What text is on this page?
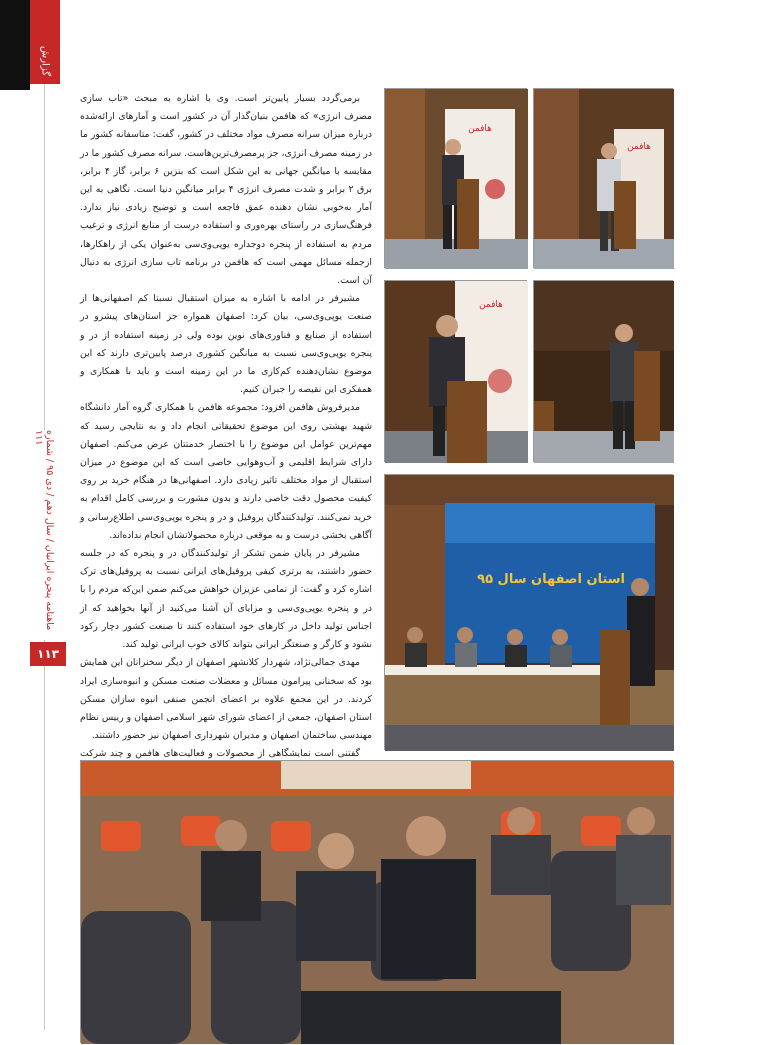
گزارش
ماهنامه پنجره ایرانیان / سال دهم / دی ۹۵ / شماره ۱۱۱
۱۱۳

برمی‌گردد بسیار پایین‌تر است. وی با اشاره به مبحث «تاب سازی مصرف انرژی» که هافمن بنیان‌گذار آن در کشور است و آمارهای ارائه‌شده درباره میزان سرانه مصرف مواد مختلف در کشور، گفت: متاسفانه کشور ما در زمینه مصرف انرژی، جز پرمصرف‌ترین‌هاست. سرانه مصرف کشور ما در مقایسه با میانگین جهانی به این شکل است که بنزین ۶ برابر، گاز ۴ برابر، برق ۲ برابر و شدت مصرف انرژی ۴ برابر میانگین دنیا است. نگاهی به این آمار به‌خوبی نشان دهنده عمق فاجعه است و توضیح زیادی نیاز ندارد. فرهنگ‌سازی در راستای بهره‌وری و استفاده درست از منابع انرژی و ترغیب مردم به استفاده از پنجره دوجداره یو‌پی‌وی‌سی به‌عنوان یکی از راهکارها، ازجمله مسائل مهمی است که هافمن در برنامه تاب سازی انرژی به دنبال آن است.

مشیرفر در ادامه با اشاره به میزان استقبال نسبتا کم اصفهانی‌ها از صنعت یو‌پی‌وی‌سی، بیان کرد: اصفهان همواره جز استان‌های پیشرو در استفاده از صنایع و فناوری‌های نوین بوده ولی در زمینه استفاده از در و پنجره یو‌پی‌وی‌سی نسبت به میانگین کشوری درصد پایین‌تری دارند که این موضوع نشان‌دهنده کم‌کاری ما در این زمینه است و باید با همکاری و همفکری این نقیصه را جبران کنیم.

مدیرفروش هافمن افزود: مجموعه هافمن با همکاری گروه آمار دانشگاه شهید بهشتی روی این موضوع تحقیقاتی انجام داد و به نتایجی رسید که مهم‌ترین عوامل این موضوع را با اختصار خدمتتان عرض می‌کنم. اصفهان دارای شرایط اقلیمی و آب‌وهوایی خاصی است که این موضوع در میزان استقبال از مواد مختلف تاثیر زیادی دارد. اصفهانی‌ها در هنگام خرید بر روی کیفیت محصول دقت خاصی دارند و بدون مشورت و بررسی کامل اقدام به خرید نمی‌کنند. تولیدکنندگان پروفیل و در و پنجره یو‌پی‌وی‌سی اطلاع‌رسانی و آگاهی بخشی درست و به موقعی درباره محصولاتشان انجام نداده‌اند.

مشیرفر در پایان ضمن تشکر از تولیدکنندگان در و پنجره که در جلسه حضور داشتند، به برتری کیفی پروفیل‌های ایرانی نسبت به پروفیل‌های ترک اشاره کرد و گفت: از تمامی عزیزان خواهش می‌کنم ضمن این‌که مردم را با در و پنجره یو‌پی‌وی‌سی و مزایای آن آشنا می‌کنید از آنها بخواهید که از اجناس تولید داخل در کارهای خود استفاده کنند تا صنعت کشور دچار رکود نشود و کارگر و صنعتگر ایرانی بتواند کالای خوب ایرانی تولید کند.

مهدی جمالی‌نژاد، شهردار کلانشهر اصفهان از دیگر سخنرانان این همایش بود که سخنانی پیرامون مسائل و معضلات صنعت مسکن و انبوه‌سازی ایراد کردند. در این مجمع علاوه بر اعضای انجمن صنفی انبوه سازان مسکن استان اصفهان، جمعی از اعضای شورای شهر اسلامی اصفهان و رییس نظام مهندسی ساختمان اصفهان و مدیران شهرداری اصفهان نیز حضور داشتند.

گفتنی است نمایشگاهی از محصولات و فعالیت‌های هافمن و چند شرکت

هافمن
هافمن
هافمن
استان اصفهان سال ۹۵
